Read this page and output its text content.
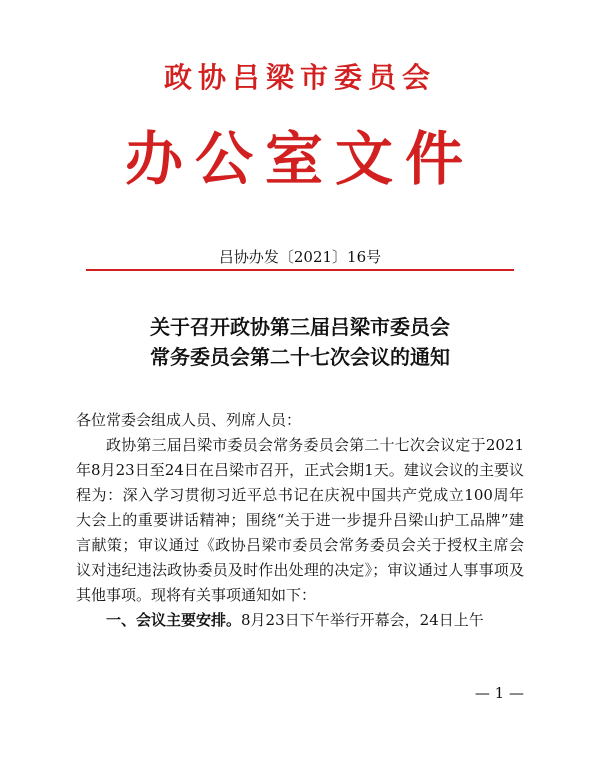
政协吕梁市委员会
办公室文件
吕协办发〔2021〕16号
关于召开政协第三届吕梁市委员会
常务委员会第二十七次会议的通知

各位常委会组成人员、列席人员：

政协第三届吕梁市委员会常务委员会第二十七次会议定于2021年8月23日至24日在吕梁市召开，正式会期1天。建议会议的主要议程为：深入学习贯彻习近平总书记在庆祝中国共产党成立100周年大会上的重要讲话精神；围绕“关于进一步提升吕梁山护工品牌”建言献策；审议通过《政协吕梁市委员会常务委员会关于授权主席会议对违纪违法政协委员及时作出处理的决定》；审议通过人事事项及其他事项。现将有关事项通知如下：

一、会议主要安排。8月23日下午举行开幕会，24日上午

— 1 —
